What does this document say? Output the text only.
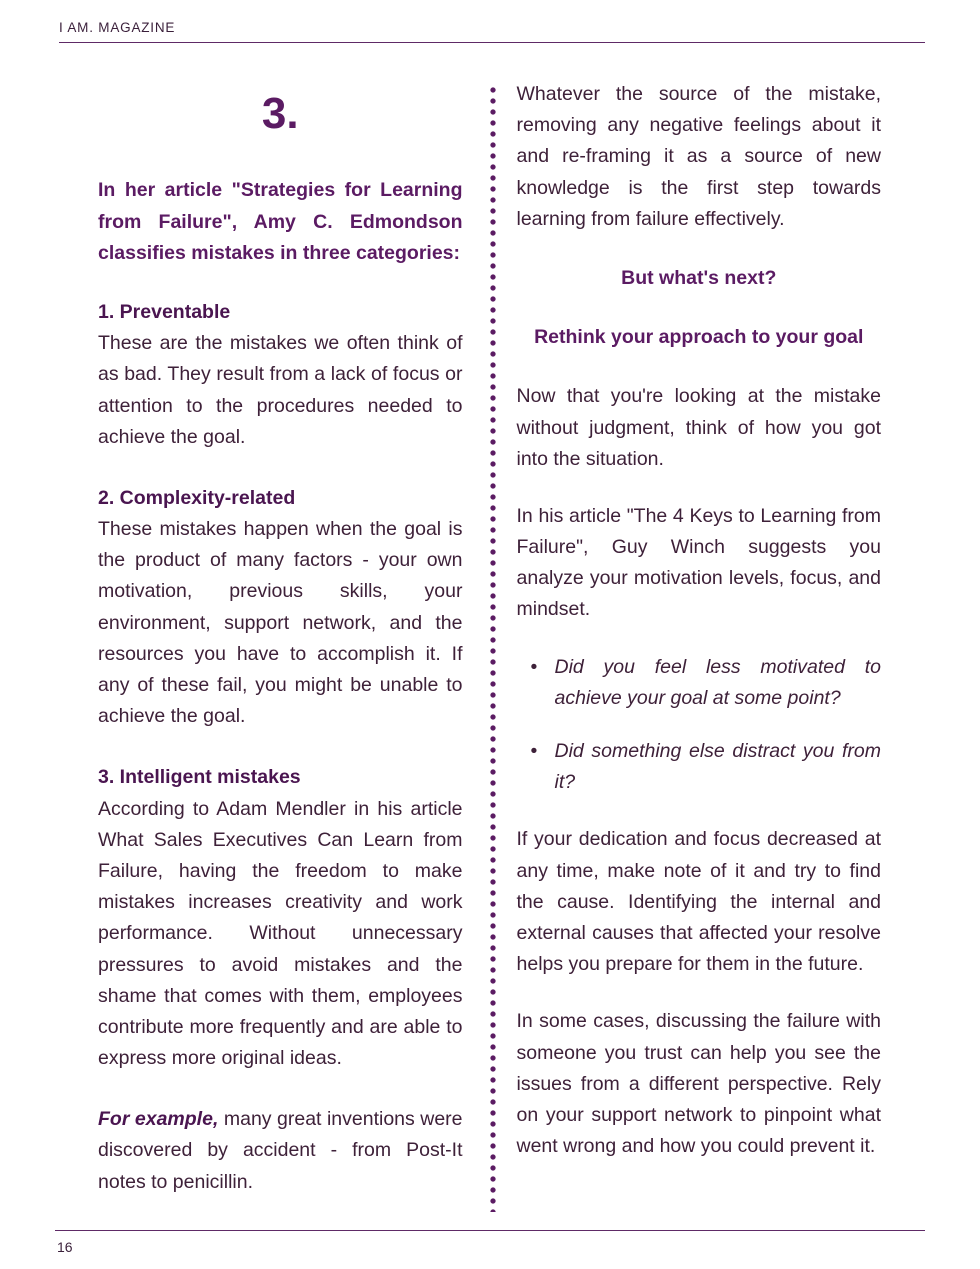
I AM. MAGAZINE
3.

In her article "Strategies for Learning from Failure", Amy C. Edmondson classifies mistakes in three categories:

1. Preventable
These are the mistakes we often think of as bad. They result from a lack of focus or attention to the procedures needed to achieve the goal.
2. Complexity-related
These mistakes happen when the goal is the product of many factors - your own motivation, previous skills, your environment, support network, and the resources you have to accomplish it. If any of these fail, you might be unable to achieve the goal.
3. Intelligent mistakes
According to Adam Mendler in his article What Sales Executives Can Learn from Failure, having the freedom to make mistakes increases creativity and work performance. Without unnecessary pressures to avoid mistakes and the shame that comes with them, employees contribute more frequently and are able to express more original ideas.

For example, many great inventions were discovered by accident - from Post-It notes to penicillin.

Whatever the source of the mistake, removing any negative feelings about it and re-framing it as a source of new knowledge is the first step towards learning from failure effectively.

But what's next?
Rethink your approach to your goal

Now that you're looking at the mistake without judgment, think of how you got into the situation.

In his article "The 4 Keys to Learning from Failure", Guy Winch suggests you analyze your motivation levels, focus, and mindset.

• Did you feel less motivated to achieve your goal at some point?
• Did something else distract you from it?

If your dedication and focus decreased at any time, make note of it and try to find the cause. Identifying the internal and external causes that affected your resolve helps you prepare for them in the future.

In some cases, discussing the failure with someone you trust can help you see the issues from a different perspective. Rely on your support network to pinpoint what went wrong and how you could prevent it.

16
